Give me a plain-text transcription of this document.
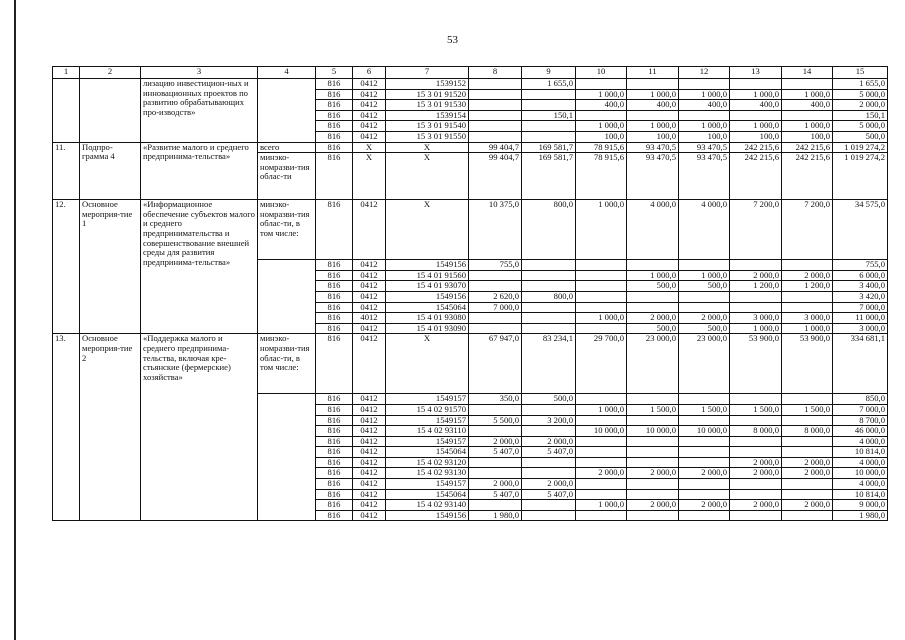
53
1	2	3	4	5	6	7	8	9	10	11	12	13	14	15
		лизацию инвестицион-ных и инновационных проектов по развитию обрабатывающих про-изводств»		816	0412	1539152		1 655,0						1 655,0
				816	0412	15 3 01 91520			1 000,0	1 000,0	1 000,0	1 000,0	1 000,0	5 000,0
				816	0412	15 3 01 91530			400,0	400,0	400,0	400,0	400,0	2 000,0
				816	0412	1539154		150,1						150,1
				816	0412	15 3 01 91540			1 000,0	1 000,0	1 000,0	1 000,0	1 000,0	5 000,0
				816	0412	15 3 01 91550			100,0	100,0	100,0	100,0	100,0	500,0
11.	Подпро-грамма 4	«Развитие малого и среднего предпринима-тельства»	всего	816	X	X	99 404,7	169 581,7	78 915,6	93 470,5	93 470,5	242 215,6	242 215,6	1 019 274,2
			минэко-номразви-тия облас-ти	816	X	X	99 404,7	169 581,7	78 915,6	93 470,5	93 470,5	242 215,6	242 215,6	1 019 274,2
12.	Основное мероприя-тие 1	«Информационное обеспечение субъектов малого и среднего предпринимательства и совершенствование внешней среды для развития предпринима-тельства»	минэко-номразви-тия облас-ти, в том числе:	816	0412	X	10 375,0	800,0	1 000,0	4 000,0	4 000,0	7 200,0	7 200,0	34 575,0
				816	0412	1549156	755,0							755,0
				816	0412	15 4 01 91560				1 000,0	1 000,0	2 000,0	2 000,0	6 000,0
				816	0412	15 4 01 93070				500,0	500,0	1 200,0	1 200,0	3 400,0
				816	0412	1549156	2 620,0	800,0						3 420,0
				816	0412	1545064	7 000,0							7 000,0
				816	4012	15 4 01 93080			1 000,0	2 000,0	2 000,0	3 000,0	3 000,0	11 000,0
				816	0412	15 4 01 93090				500,0	500,0	1 000,0	1 000,0	3 000,0
13.	Основное мероприя-тие 2	«Поддержка малого и среднего предпринима-тельства, включая кре-стьянские (фермерские) хозяйства»	минэко-номразви-тия облас-ти, в том числе:	816	0412	X	67 947,0	83 234,1	29 700,0	23 000,0	23 000,0	53 900,0	53 900,0	334 681,1
				816	0412	1549157	350,0	500,0						850,0
				816	0412	15 4 02 91570			1 000,0	1 500,0	1 500,0	1 500,0	1 500,0	7 000,0
				816	0412	1549157	5 500,0	3 200,0						8 700,0
				816	0412	15 4 02 93110			10 000,0	10 000,0	10 000,0	8 000,0	8 000,0	46 000,0
				816	0412	1549157	2 000,0	2 000,0						4 000,0
				816	0412	1545064	5 407,0	5 407,0						10 814,0
				816	0412	15 4 02 93120						2 000,0	2 000,0	4 000,0
				816	0412	15 4 02 93130			2 000,0	2 000,0	2 000,0	2 000,0	2 000,0	10 000,0
				816	0412	1549157	2 000,0	2 000,0						4 000,0
				816	0412	1545064	5 407,0	5 407,0						10 814,0
				816	0412	15 4 02 93140			1 000,0	2 000,0	2 000,0	2 000,0	2 000,0	9 000,0
				816	0412	1549156	1 980,0							1 980,0
